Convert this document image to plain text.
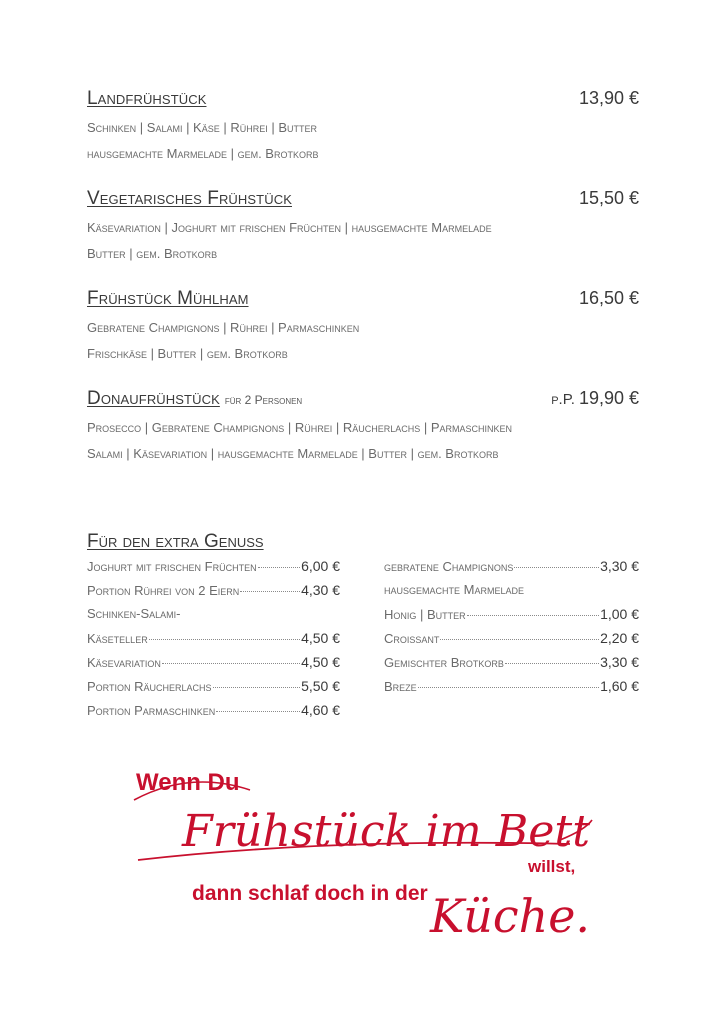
Landfrühstück	13,90 €
Schinken | Salami | Käse | Rührei | Butter
hausgemachte Marmelade | gem. Brotkorb
Vegetarisches Frühstück	15,50 €
Käsevariation | Joghurt mit frischen Früchten | hausgemachte Marmelade
Butter | gem. Brotkorb
Frühstück Mühlham	16,50 €
Gebratene Champignons | Rührei | Parmaschinken
Frischkäse | Butter | gem. Brotkorb
Donaufrühstück für 2 Personen	p.P. 19,90 €
Prosecco | Gebratene Champignons | Rührei | Räucherlachs | Parmaschinken
Salami | Käsevariation | hausgemachte Marmelade | Butter | gem. Brotkorb
Für den extra Genuss
Joghurt mit frischen Früchten	6,00 €
Portion Rührei von 2 Eiern	4,30 €
Schinken-Salami-
Käseteller	4,50 €
Käsevariation	4,50 €
Portion Räucherlachs	5,50 €
Portion Parmaschinken	4,60 €
gebratene Champignons	3,30 €
hausgemachte Marmelade
Honig | Butter	1,00 €
Croissant	2,20 €
Gemischter Brotkorb	3,30 €
Breze	1,60 €
Wenn Du
Frühstück im Bett
willst,
dann schlaf doch in der Küche.
